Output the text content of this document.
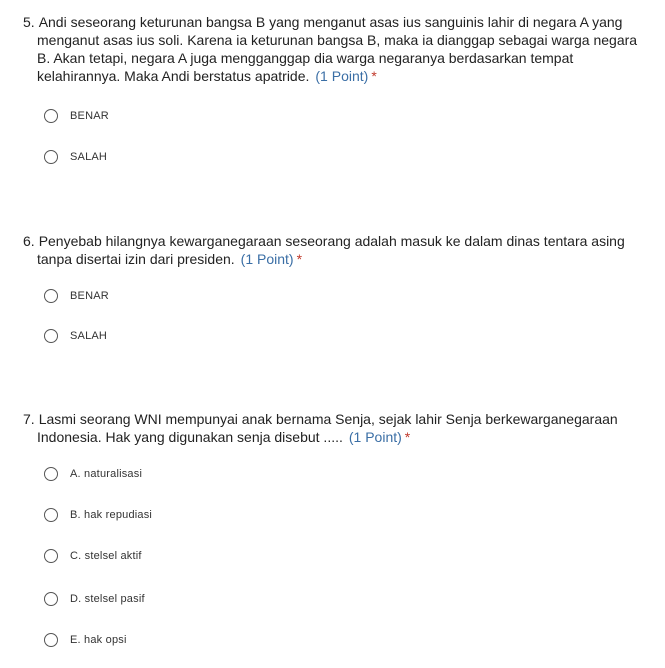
5. Andi seseorang keturunan bangsa B yang menganut asas ius sanguinis lahir di negara A yang menganut asas ius soli. Karena ia keturunan bangsa B, maka ia dianggap sebagai warga negara B. Akan tetapi, negara A juga mengganggap dia warga negaranya berdasarkan tempat kelahirannya. Maka Andi berstatus apatride. (1 Point) *
BENAR
SALAH
6. Penyebab hilangnya kewarganegaraan seseorang adalah masuk ke dalam dinas tentara asing tanpa disertai izin dari presiden. (1 Point) *
BENAR
SALAH
7. Lasmi seorang WNI mempunyai anak bernama Senja, sejak lahir Senja berkewarganegaraan Indonesia. Hak yang digunakan senja disebut ..... (1 Point) *
A. naturalisasi
B. hak repudiasi
C. stelsel aktif
D. stelsel pasif
E. hak opsi
